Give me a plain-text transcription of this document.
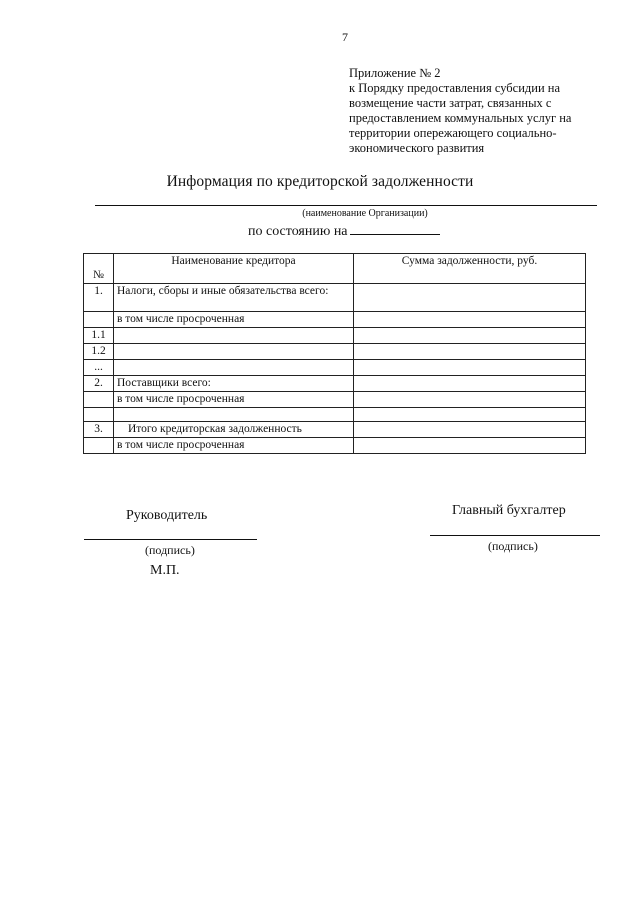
7
Приложение № 2
к Порядку предоставления субсидии на
возмещение части затрат, связанных с
предоставлением коммунальных услуг на
территории опережающего социально-
экономического развития
Информация по кредиторской задолженности
(наименование Организации)
по состоянию на
№	Наименование кредитора	Сумма задолженности, руб.
1.	Налоги, сборы и иные обязательства всего:	
	в том числе просроченная	
1.1		
1.2		
...		
2.	Поставщики всего:	
	в том числе просроченная	

3.	Итого кредиторская задолженность	
	в том числе просроченная	
Руководитель
(подпись)
М.П.
Главный бухгалтер
(подпись)
